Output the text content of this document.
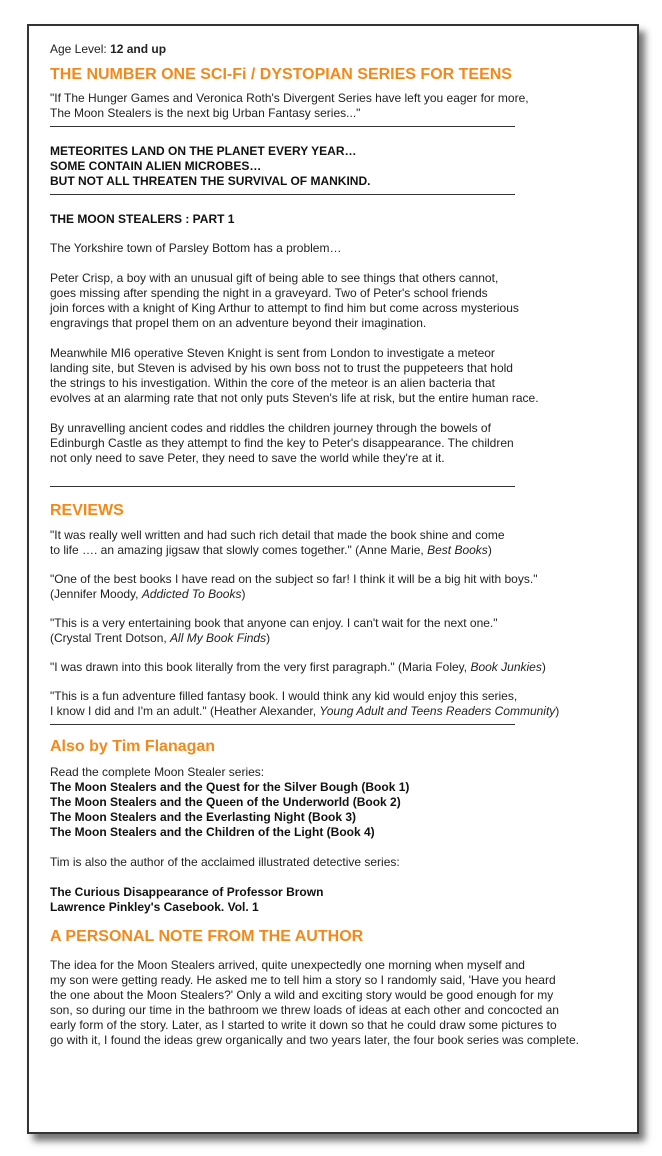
Age Level: 12 and up

THE NUMBER ONE SCI-Fi / DYSTOPIAN SERIES FOR TEENS

"If The Hunger Games and Veronica Roth's Divergent Series have left you eager for more,

The Moon Stealers is the next big Urban Fantasy series..."

METEORITES LAND ON THE PLANET EVERY YEAR…

SOME CONTAIN ALIEN MICROBES…

BUT NOT ALL THREATEN THE SURVIVAL OF MANKIND.

THE MOON STEALERS : PART 1

The Yorkshire town of Parsley Bottom has a problem…

Peter Crisp, a boy with an unusual gift of being able to see things that others cannot,

goes missing after spending the night in a graveyard. Two of Peter's school friends

join forces with a knight of King Arthur to attempt to find him but come across mysterious

engravings that propel them on an adventure beyond their imagination.

Meanwhile MI6 operative Steven Knight is sent from London to investigate a meteor

landing site, but Steven is advised by his own boss not to trust the puppeteers that hold

the strings to his investigation. Within the core of the meteor is an alien bacteria that

evolves at an alarming rate that not only puts Steven's life at risk, but the entire human race.

By unravelling ancient codes and riddles the children journey through the bowels of

Edinburgh Castle as they attempt to find the key to Peter's disappearance. The children

not only need to save Peter, they need to save the world while they're at it.

REVIEWS

"It was really well written and had such rich detail that made the book shine and come

to life …. an amazing jigsaw that slowly comes together." (Anne Marie, Best Books)

"One of the best books I have read on the subject so far! I think it will be a big hit with boys."

(Jennifer Moody, Addicted To Books)

"This is a very entertaining book that anyone can enjoy. I can't wait for the next one."

(Crystal Trent Dotson, All My Book Finds)

"I was drawn into this book literally from the very first paragraph." (Maria Foley, Book Junkies)

"This is a fun adventure filled fantasy book. I would think any kid would enjoy this series,

I know I did and I'm an adult." (Heather Alexander, Young Adult and Teens Readers Community)

Also by Tim Flanagan

Read the complete Moon Stealer series:

The Moon Stealers and the Quest for the Silver Bough (Book 1)

The Moon Stealers and the Queen of the Underworld (Book 2)

The Moon Stealers and the Everlasting Night (Book 3)

The Moon Stealers and the Children of the Light (Book 4)

Tim is also the author of the acclaimed illustrated detective series:

The Curious Disappearance of Professor Brown

Lawrence Pinkley's Casebook. Vol. 1

A PERSONAL NOTE FROM THE AUTHOR

The idea for the Moon Stealers arrived, quite unexpectedly one morning when myself and

my son were getting ready. He asked me to tell him a story so I randomly said, 'Have you heard

the one about the Moon Stealers?' Only a wild and exciting story would be good enough for my

son, so during our time in the bathroom we threw loads of ideas at each other and concocted an

early form of the story. Later, as I started to write it down so that he could draw some pictures to

go with it, I found the ideas grew organically and two years later, the four book series was complete.
